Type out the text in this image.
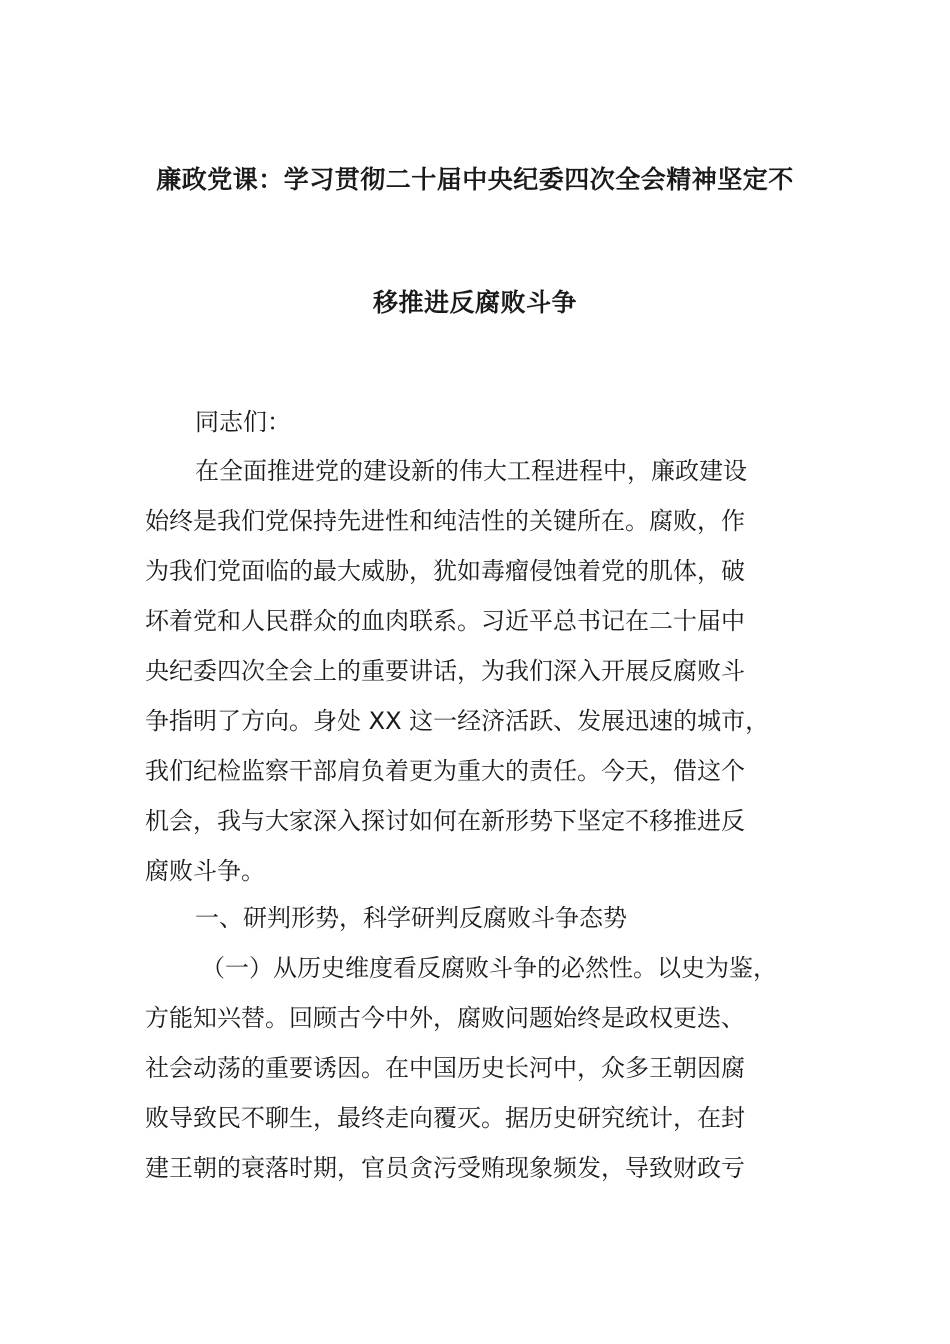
廉政党课：学习贯彻二十届中央纪委四次全会精神坚定不
移推进反腐败斗争
同志们：
在全面推进党的建设新的伟大工程进程中，廉政建设
始终是我们党保持先进性和纯洁性的关键所在。腐败，作
为我们党面临的最大威胁，犹如毒瘤侵蚀着党的肌体，破
坏着党和人民群众的血肉联系。习近平总书记在二十届中
央纪委四次全会上的重要讲话，为我们深入开展反腐败斗
争指明了方向。身处 XX 这一经济活跃、发展迅速的城市，
我们纪检监察干部肩负着更为重大的责任。今天，借这个
机会，我与大家深入探讨如何在新形势下坚定不移推进反
腐败斗争。
一、研判形势，科学研判反腐败斗争态势
（一）从历史维度看反腐败斗争的必然性。以史为鉴，
方能知兴替。回顾古今中外，腐败问题始终是政权更迭、
社会动荡的重要诱因。在中国历史长河中，众多王朝因腐
败导致民不聊生，最终走向覆灭。据历史研究统计，在封
建王朝的衰落时期，官员贪污受贿现象频发，导致财政亏
